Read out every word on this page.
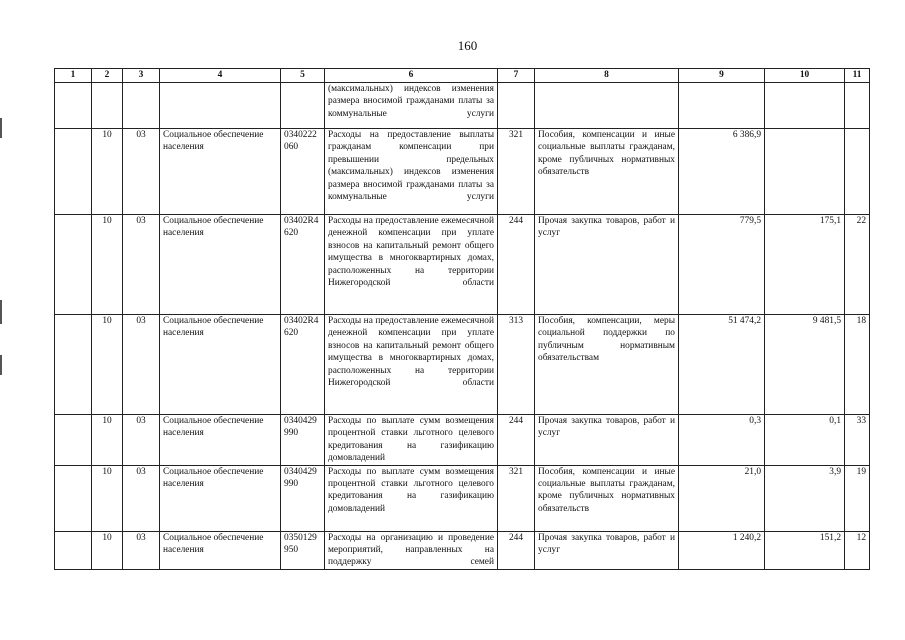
160
1	2	3	4	5	6	7	8	9	10	11
					(максимальных) индексов изменения размера вносимой гражданами платы за коммунальные услуги					
	10	03	Социальное обеспечение населения	0340222060	Расходы на предоставление выплаты гражданам компенсации при превышении предельных (максимальных) индексов изменения размера вносимой гражданами платы за коммунальные услуги	321	Пособия, компенсации и иные социальные выплаты гражданам, кроме публичных нормативных обязательств	6 386,9		
	10	03	Социальное обеспечение населения	03402R4620	Расходы на предоставление ежемесячной денежной компенсации при уплате взносов на капитальный ремонт общего имущества в многоквартирных домах, расположенных на территории Нижегородской области	244	Прочая закупка товаров, работ и услуг	779,5	175,1	22
	10	03	Социальное обеспечение населения	03402R4620	Расходы на предоставление ежемесячной денежной компенсации при уплате взносов на капитальный ремонт общего имущества в многоквартирных домах, расположенных на территории Нижегородской области	313	Пособия, компенсации, меры социальной поддержки по публичным нормативным обязательствам	51 474,2	9 481,5	18
	10	03	Социальное обеспечение населения	0340429990	Расходы по выплате сумм возмещения процентной ставки льготного целевого кредитования на газификацию домовладений	244	Прочая закупка товаров, работ и услуг	0,3	0,1	33
	10	03	Социальное обеспечение населения	0340429990	Расходы по выплате сумм возмещения процентной ставки льготного целевого кредитования на газификацию домовладений	321	Пособия, компенсации и иные социальные выплаты гражданам, кроме публичных нормативных обязательств	21,0	3,9	19
	10	03	Социальное обеспечение населения	0350129950	Расходы на организацию и проведение мероприятий, направленных на поддержку семей	244	Прочая закупка товаров, работ и услуг	1 240,2	151,2	12
